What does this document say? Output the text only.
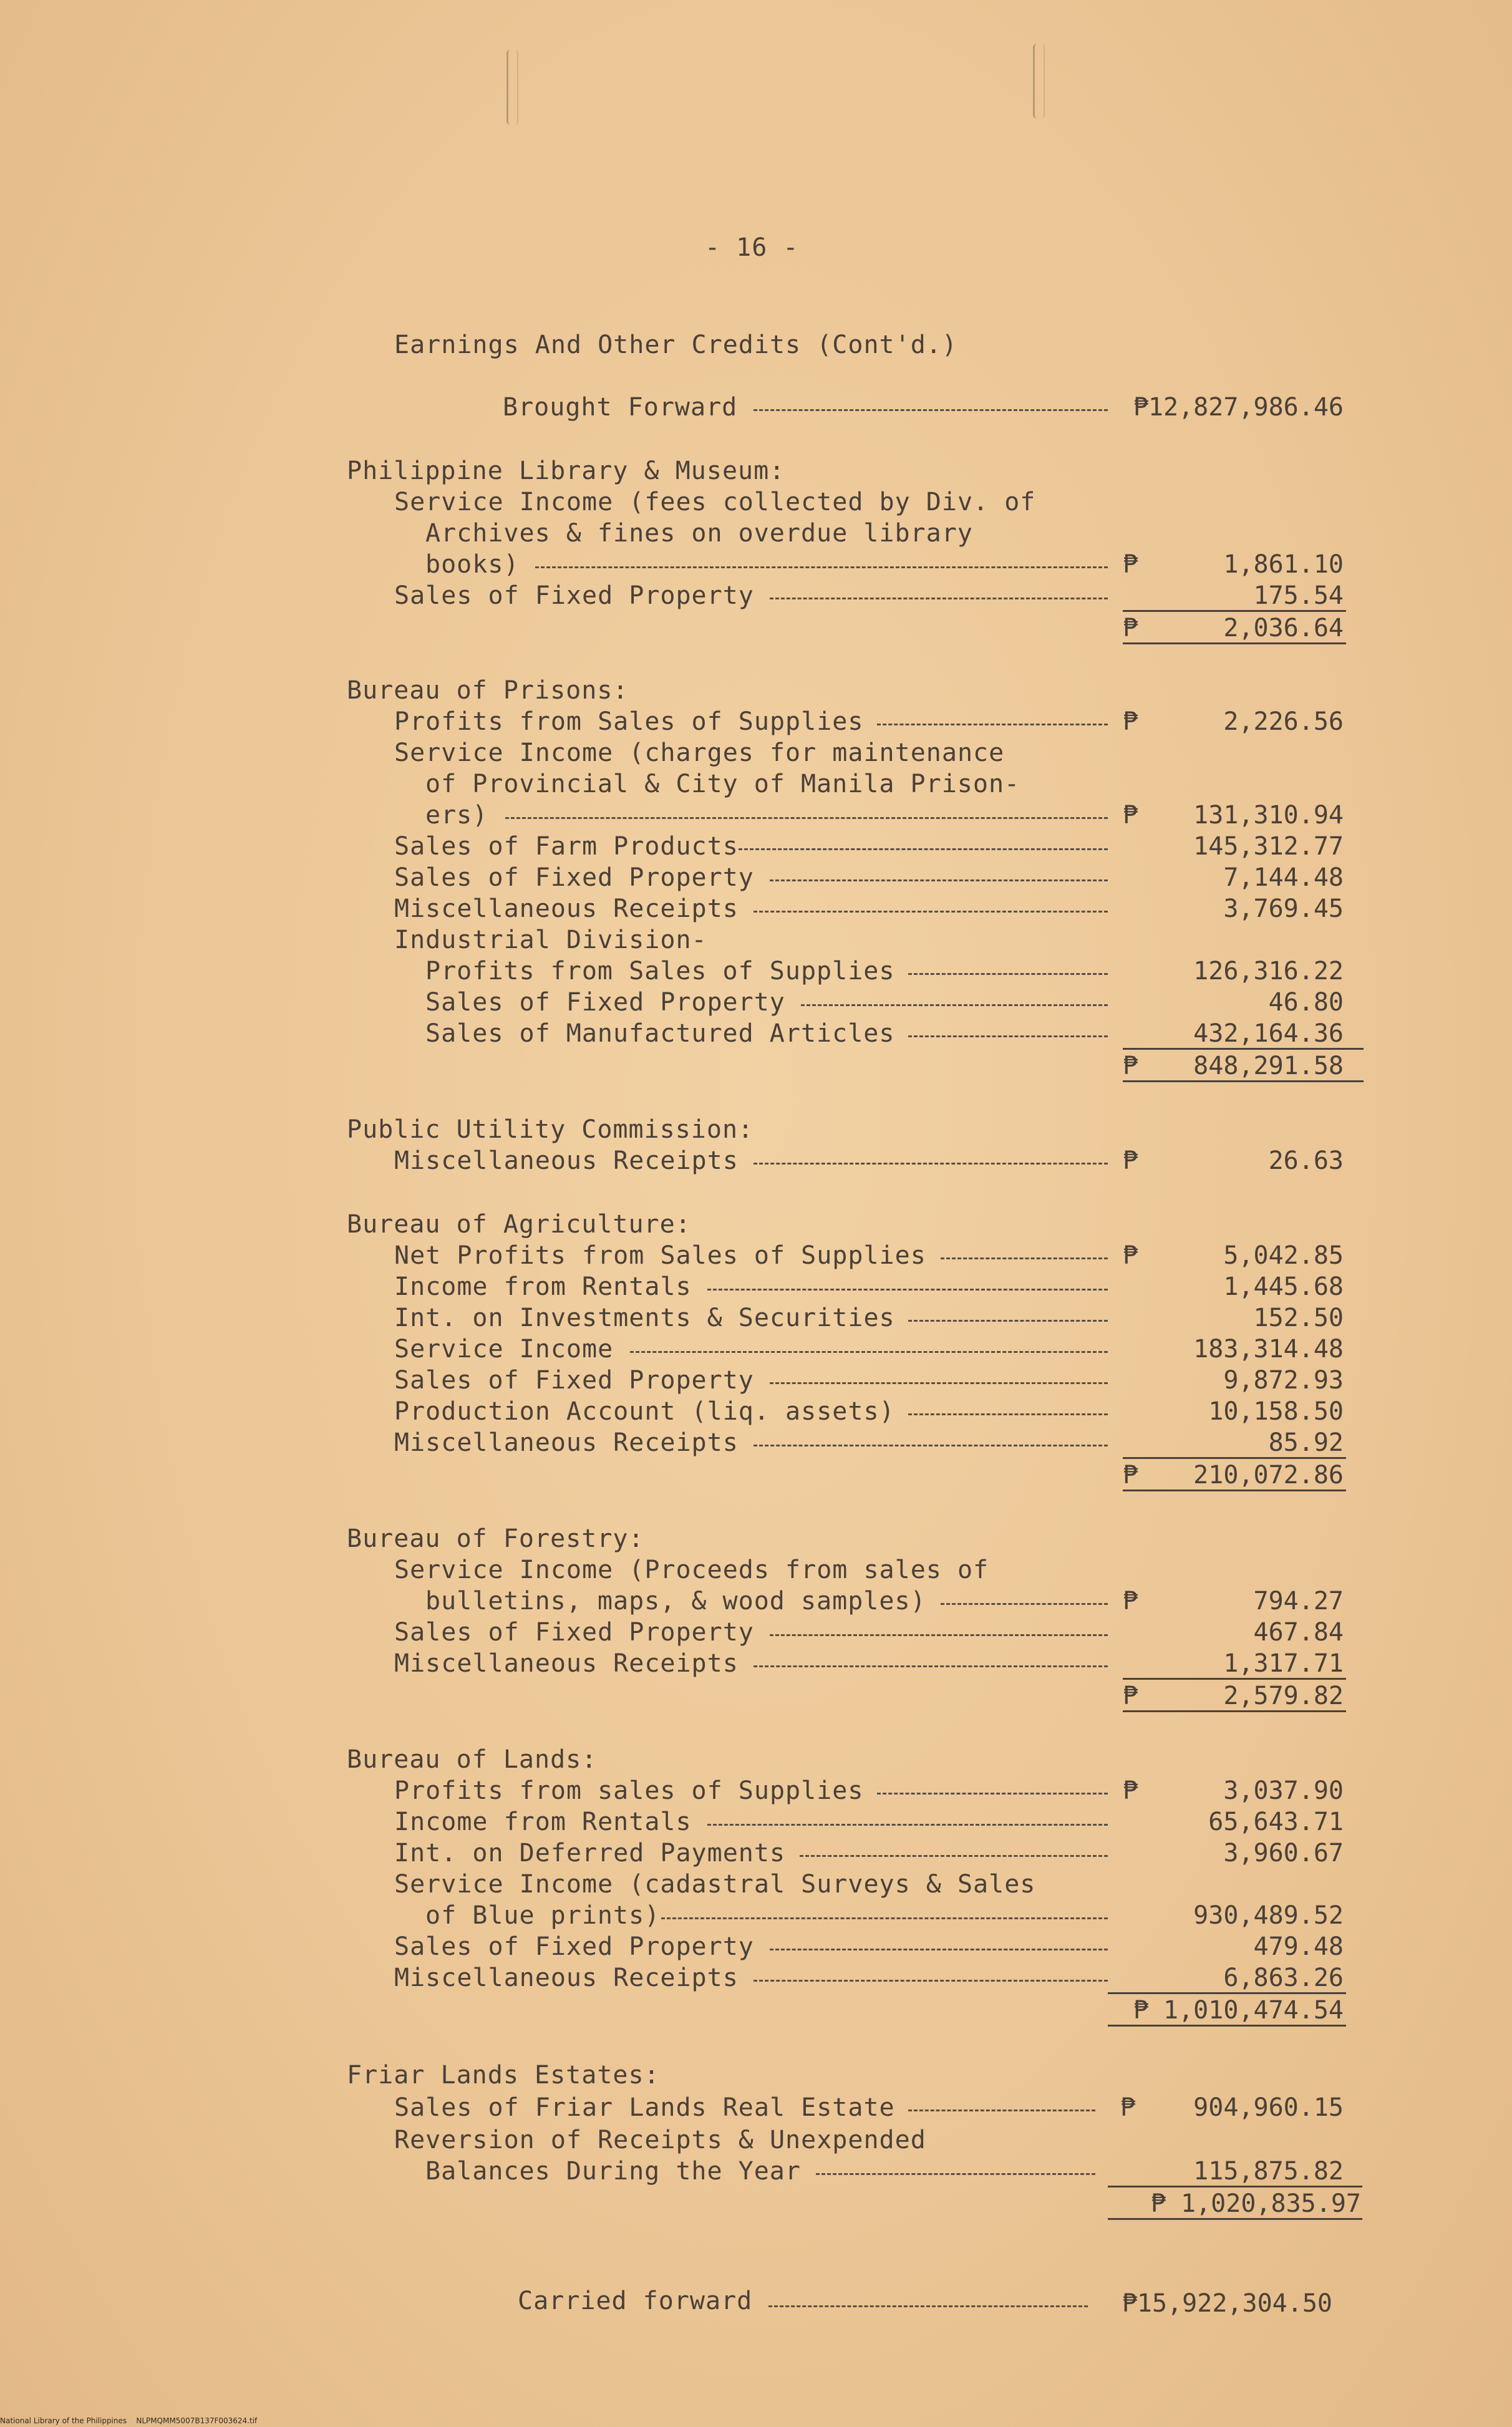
- 16 -
Earnings And Other Credits (Cont'd.)
Brought Forward	₱12,827,986.46
Philippine Library & Museum:
Service Income (fees collected by Div. of
Archives & fines on overdue library
books)	₱	1,861.10
Sales of Fixed Property	175.54
₱	2,036.64
Bureau of Prisons:
Profits from Sales of Supplies	₱	2,226.56
Service Income (charges for maintenance
of Provincial & City of Manila Prison-
ers)	₱	131,310.94
Sales of Farm Products	145,312.77
Sales of Fixed Property	7,144.48
Miscellaneous Receipts	3,769.45
Industrial Division-
Profits from Sales of Supplies	126,316.22
Sales of Fixed Property	46.80
Sales of Manufactured Articles	432,164.36
₱	848,291.58
Public Utility Commission:
Miscellaneous Receipts	₱	26.63
Bureau of Agriculture:
Net Profits from Sales of Supplies	₱	5,042.85
Income from Rentals	1,445.68
Int. on Investments & Securities	152.50
Service Income	183,314.48
Sales of Fixed Property	9,872.93
Production Account (liq. assets)	10,158.50
Miscellaneous Receipts	85.92
₱	210,072.86
Bureau of Forestry:
Service Income (Proceeds from sales of
bulletins, maps, & wood samples)	₱	794.27
Sales of Fixed Property	467.84
Miscellaneous Receipts	1,317.71
₱	2,579.82
Bureau of Lands:
Profits from sales of Supplies	₱	3,037.90
Income from Rentals	65,643.71
Int. on Deferred Payments	3,960.67
Service Income (cadastral Surveys & Sales
of Blue prints)	930,489.52
Sales of Fixed Property	479.48
Miscellaneous Receipts	6,863.26
₱ 1,010,474.54
Friar Lands Estates:
Sales of Friar Lands Real Estate	₱	904,960.15
Reversion of Receipts & Unexpended
Balances During the Year	115,875.82
₱ 1,020,835.97
Carried forward	₱15,922,304.50
National Library of the Philippines    NLPMQMM5007B137F003624.tif
